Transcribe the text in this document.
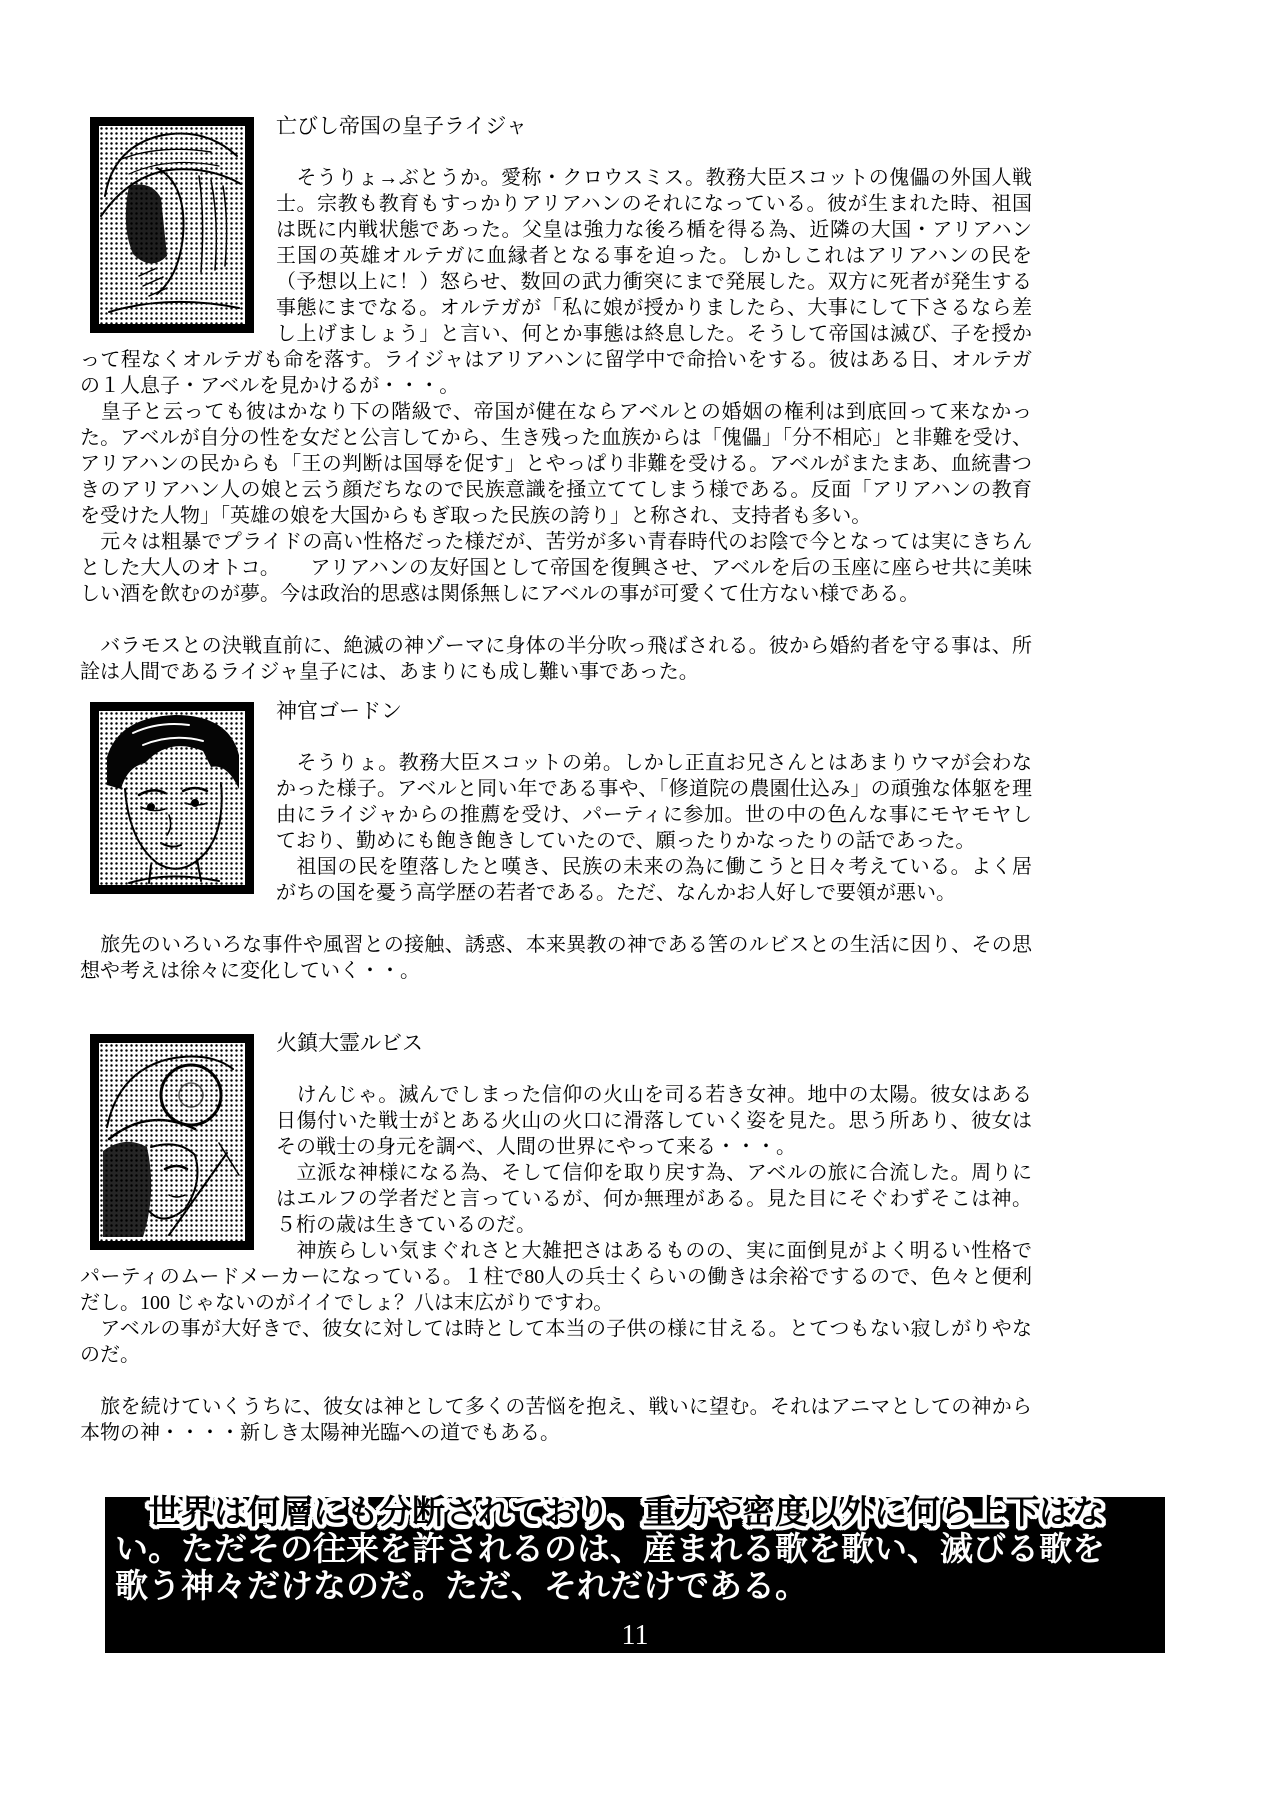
亡びし帝国の皇子ライジャ

　そうりょ→ぶとうか。愛称・クロウスミス。教務大臣スコットの傀儡の外国人戦士。宗教も教育もすっかりアリアハンのそれになっている。彼が生まれた時、祖国は既に内戦状態であった。父皇は強力な後ろ楯を得る為、近隣の大国・アリアハン王国の英雄オルテガに血縁者となる事を迫った。しかしこれはアリアハンの民を（予想以上に！）怒らせ、数回の武力衝突にまで発展した。双方に死者が発生する事態にまでなる。オルテガが「私に娘が授かりましたら、大事にして下さるなら差し上げましょう」と言い、何とか事態は終息した。そうして帝国は滅び、子を授かって程なくオルテガも命を落す。ライジャはアリアハンに留学中で命拾いをする。彼はある日、オルテガの１人息子・アベルを見かけるが・・・。

　皇子と云っても彼はかなり下の階級で、帝国が健在ならアベルとの婚姻の権利は到底回って来なかった。アベルが自分の性を女だと公言してから、生き残った血族からは「傀儡」「分不相応」と非難を受け、アリアハンの民からも「王の判断は国辱を促す」とやっぱり非難を受ける。アベルがまたまあ、血統書つきのアリアハン人の娘と云う顔だちなので民族意識を掻立ててしまう様である。反面「アリアハンの教育を受けた人物」「英雄の娘を大国からもぎ取った民族の誇り」と称され、支持者も多い。

　元々は粗暴でプライドの高い性格だった様だが、苦労が多い青春時代のお陰で今となっては実にきちんとした大人のオトコ。　　アリアハンの友好国として帝国を復興させ、アベルを后の玉座に座らせ共に美味しい酒を飲むのが夢。今は政治的思惑は関係無しにアベルの事が可愛くて仕方ない様である。

　バラモスとの決戦直前に、絶滅の神ゾーマに身体の半分吹っ飛ばされる。彼から婚約者を守る事は、所詮は人間であるライジャ皇子には、あまりにも成し難い事であった。

神官ゴードン

　そうりょ。教務大臣スコットの弟。しかし正直お兄さんとはあまりウマが会わなかった様子。アベルと同い年である事や、「修道院の農園仕込み」の頑強な体躯を理由にライジャからの推薦を受け、パーティに参加。世の中の色んな事にモヤモヤしており、勤めにも飽き飽きしていたので、願ったりかなったりの話であった。

　祖国の民を堕落したと嘆き、民族の未来の為に働こうと日々考えている。よく居がちの国を憂う高学歴の若者である。ただ、なんかお人好しで要領が悪い。

　旅先のいろいろな事件や風習との接触、誘惑、本来異教の神である筈のルビスとの生活に因り、その思想や考えは徐々に変化していく・・。

火鎮大霊ルビス

　けんじゃ。滅んでしまった信仰の火山を司る若き女神。地中の太陽。彼女はある日傷付いた戦士がとある火山の火口に滑落していく姿を見た。思う所あり、彼女はその戦士の身元を調べ、人間の世界にやって来る・・・。

　立派な神様になる為、そして信仰を取り戻す為、アベルの旅に合流した。周りにはエルフの学者だと言っているが、何か無理がある。見た目にそぐわずそこは神。５桁の歳は生きているのだ。

　神族らしい気まぐれさと大雑把さはあるものの、実に面倒見がよく明るい性格でパーティのムードメーカーになっている。１柱で80人の兵士くらいの働きは余裕でするので、色々と便利だし。100 じゃないのがイイでしょ？八は末広がりですわ。

　アベルの事が大好きで、彼女に対しては時として本当の子供の様に甘える。とてつもない寂しがりやなのだ。

　旅を続けていくうちに、彼女は神として多くの苦悩を抱え、戦いに望む。それはアニマとしての神から本物の神・・・・新しき太陽神光臨への道でもある。

　世界は何層にも分断されており、重力や密度以外に何ら上下はな
い。ただその往来を許されるのは、産まれる歌を歌い、滅びる歌を
歌う神々だけなのだ。ただ、それだけである。
11
